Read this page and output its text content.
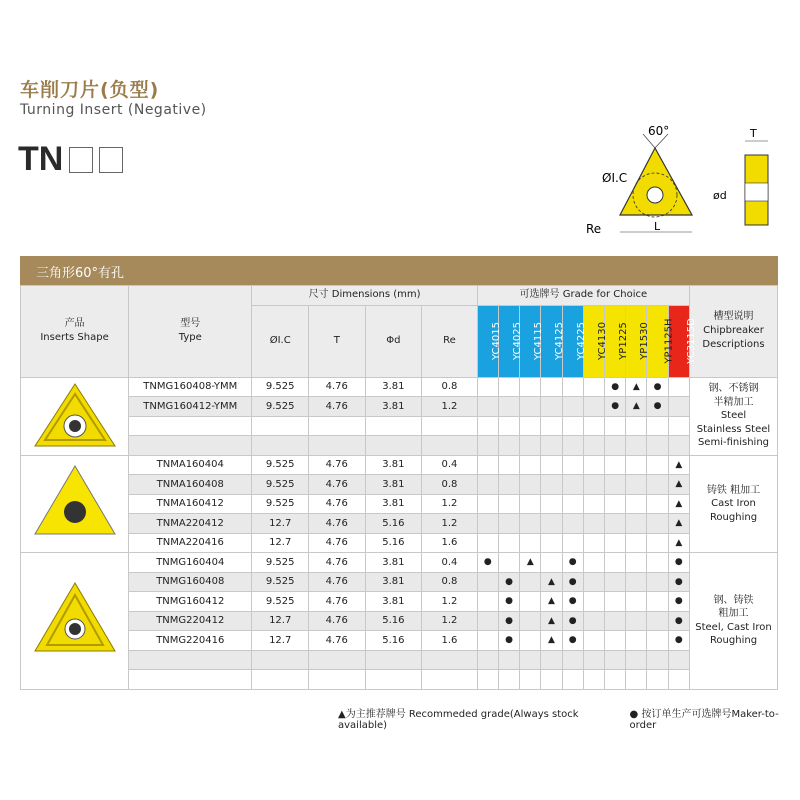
车削刀片(负型)
Turning Insert (Negative)
TN
60°
ØI.C
Re	L
T
ød
三角形60°有孔
产品
Inserts Shape	型号
Type	尺寸 Dimensions (mm)				可选牌号 Grade for Choice										槽型说明
Chipbreaker
Descriptions
		ØI.C	T	Φd	Re	YC4015	YC4025	YC4115	YC4125	YC4225	YC4130	YP1225	YP1530	YP1125H	YC3115D	
	TNMG160408-YMM	9.525	4.76	3.81	0.8							●	▲	●		钢、不锈钢
半精加工
Steel
Stainless Steel
Semi-finishing
	TNMG160412-YMM	9.525	4.76	3.81	1.2							●	▲	●		

	TNMA160404	9.525	4.76	3.81	0.4										▲	铸铁 粗加工
Cast Iron
Roughing
	TNMA160408	9.525	4.76	3.81	0.8										▲	
	TNMA160412	9.525	4.76	3.81	1.2										▲	
	TNMA220412	12.7	4.76	5.16	1.2										▲	
	TNMA220416	12.7	4.76	5.16	1.6										▲	
	TNMG160404	9.525	4.76	3.81	0.4	●		▲		●					●	钢、铸铁
粗加工
Steel, Cast Iron
Roughing
	TNMG160408	9.525	4.76	3.81	0.8		●		▲	●					●	
	TNMG160412	9.525	4.76	3.81	1.2		●		▲	●					●	
	TNMG220412	12.7	4.76	5.16	1.2		●		▲	●					●	
	TNMG220416	12.7	4.76	5.16	1.6		●		▲	●					●	

▲为主推荐牌号 Recommeded grade(Always stock available)
● 按订单生产可选牌号Maker-to-order
